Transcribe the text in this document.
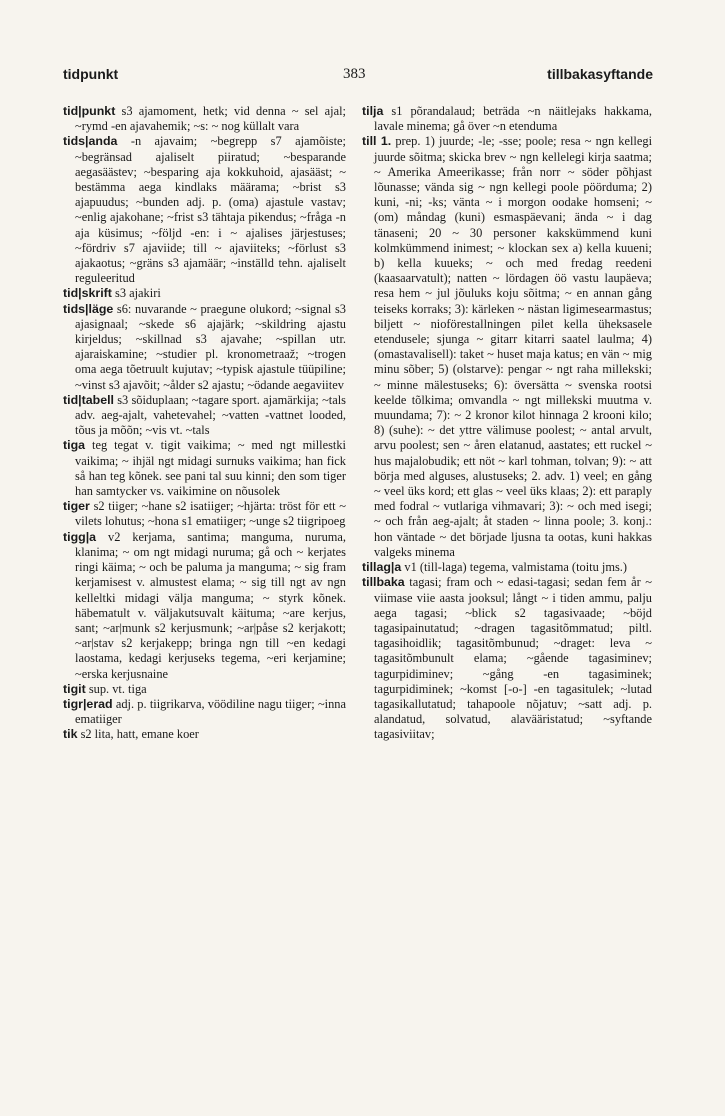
tidpunkt	383	tillbakasyftande

tid|punkt s3 ajamoment, hetk; vid denna ~ sel ajal; ~rymd -en ajavahemik; ~s: ~ nog küllalt vara

tids|anda -n ajavaim; ~begrepp s7 ajamõiste; ~begränsad ajaliselt piiratud; ~besparande aegasäästev; ~besparing aja kokkuhoid, ajasääst; ~ bestämma aega kindlaks määrama; ~brist s3 ajapuudus; ~bunden adj. p. (oma) ajastule vastav; ~enlig ajakohane; ~frist s3 tähtaja pikendus; ~fråga -n aja küsimus; ~följd -en: i ~ ajalises järjestuses; ~fördriv s7 ajaviide; till ~ ajaviiteks; ~förlust s3 ajakaotus; ~gräns s3 ajamäär; ~inställd tehn. ajaliselt reguleeritud

tid|skrift s3 ajakiri

tids|läge s6: nuvarande ~ praegune olukord; ~signal s3 ajasignaal; ~skede s6 ajajärk; ~skildring ajastu kirjeldus; ~skillnad s3 ajavahe; ~spillan utr. ajaraiskamine; ~studier pl. kronometraaž; ~trogen oma aega tõetruult kujutav; ~typisk ajastule tüüpiline; ~vinst s3 ajavõit; ~ålder s2 ajastu; ~ödande aegaviitev

tid|tabell s3 sõiduplaan; ~tagare sport. ajamärkija; ~tals adv. aeg-ajalt, vahetevahel; ~vatten -vattnet looded, tõus ja mõõn; ~vis vt. ~tals

tiga teg tegat v. tigit vaikima; ~ med ngt millestki vaikima; ~ ihjäl ngt midagi surnuks vaikima; han fick så han teg kõnek. see pani tal suu kinni; den som tiger han samtycker vs. vaikimine on nõusolek

tiger s2 tiiger; ~hane s2 isatiiger; ~hjärta: tröst för ett ~ vilets lohutus; ~hona s1 ematiiger; ~unge s2 tiigripoeg

tigg|a v2 kerjama, santima; manguma, nuruma, klanima; ~ om ngt midagi nuruma; gå och ~ kerjates ringi käima; ~ och be paluma ja manguma; ~ sig fram kerjamisest v. almustest elama; ~ sig till ngt av ngn kelleltki midagi välja manguma; ~ styrk kõnek. häbematult v. väljakutsuvalt käituma; ~are kerjus, sant; ~ar|munk s2 kerjusmunk; ~ar|påse s2 kerjakott; ~ar|stav s2 kerjakepp; bringa ngn till ~en kedagi laostama, kedagi kerjuseks tegema, ~eri kerjamine; ~erska kerjusnaine

tigit sup. vt. tiga

tigr|erad adj. p. tiigrikarva, vöödiline nagu tiiger; ~inna ematiiger

tik s2 lita, hatt, emane koer

tilja s1 põrandalaud; beträda ~n näitlejaks hakkama, lavale minema; gå över ~n etenduma

till 1. prep. 1) juurde; -le; -sse; poole; resa ~ ngn kellegi juurde sõitma; skicka brev ~ ngn kellelegi kirja saatma; ~ Amerika Ameerikasse; från norr ~ söder põhjast lõunasse; vända sig ~ ngn kellegi poole pöörduma; 2) kuni, -ni; -ks; vänta ~ i morgon oodake homseni; ~ (om) måndag (kuni) esmaspäevani; ända ~ i dag tänaseni; 20 ~ 30 personer kakskümmend kuni kolmkümmend inimest; ~ klockan sex a) kella kuueni; b) kella kuueks; ~ och med fredag reedeni (kaasaarvatult); natten ~ lördagen öö vastu laupäeva; resa hem ~ jul jõuluks koju sõitma; ~ en annan gång teiseks korraks; 3): kärleken ~ nästan ligimesearmastus; biljett ~ nioförestallningen pilet kella üheksasele etendusele; sjunga ~ gitarr kitarri saatel laulma; 4) (omastavalisell): taket ~ huset maja katus; en vän ~ mig minu sõber; 5) (olstarve): pengar ~ ngt raha millekski; ~ minne mälestuseks; 6): översätta ~ svenska rootsi keelde tõlkima; omvandla ~ ngt millekski muutma v. muundama; 7): ~ 2 kronor kilot hinnaga 2 krooni kilo; 8) (suhe): ~ det yttre välimuse poolest; ~ antal arvult, arvu poolest; sen ~ åren elatanud, aastates; ett ruckel ~ hus majalobudik; ett nöt ~ karl tohman, tolvan; 9): ~ att börja med alguses, alustuseks; 2. adv. 1) veel; en gång ~ veel üks kord; ett glas ~ veel üks klaas; 2): ett paraply med fodral ~ vutlariga vihmavari; 3): ~ och med isegi; ~ och från aeg-ajalt; åt staden ~ linna poole; 3. konj.: hon väntade ~ det började ljusna ta ootas, kuni hakkas valgeks minema

tillag|a v1 (till-laga) tegema, valmistama (toitu jms.)

tillbaka tagasi; fram och ~ edasi-tagasi; sedan fem år ~ viimase viie aasta jooksul; långt ~ i tiden ammu, palju aega tagasi; ~blick s2 tagasivaade; ~böjd tagasipainutatud; ~dragen tagasitõmmatud; piltl. tagasihoidlik; tagasitõmbunud; ~draget: leva ~ tagasitõmbunult elama; ~gående tagasiminev; tagurpidiminev; ~gång -en tagasiminek; tagurpidiminek; ~komst [-o-] -en tagasitulek; ~lutad tagasikallutatud; tahapoole nõjatuv; ~satt adj. p. alandatud, solvatud, alavääristatud; ~syftande tagasiviitav;
